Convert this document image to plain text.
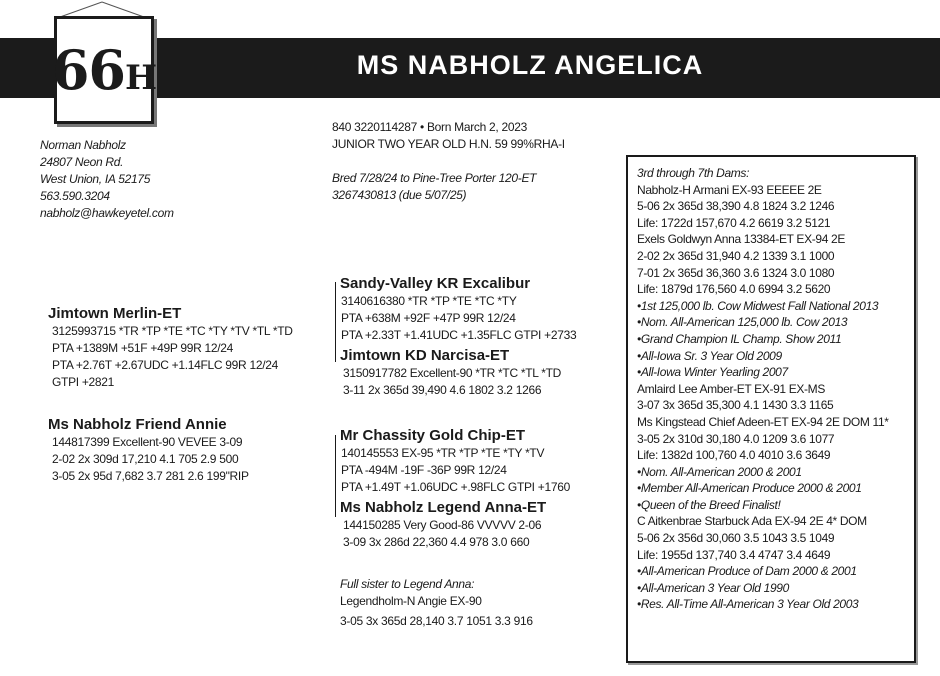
MS NABHOLZ ANGELICA
66H
Norman Nabholz
24807 Neon Rd.
West Union, IA 52175
563.590.3204
nabholz@hawkeyetel.com
840 3220114287 • Born March 2, 2023
JUNIOR TWO YEAR OLD H.N. 59 99%RHA-I
Bred 7/28/24 to Pine-Tree Porter 120-ET
3267430813 (due 5/07/25)
Jimtown Merlin-ET
3125993715 *TR *TP *TE *TC *TY *TV *TL *TD
PTA +1389M +51F +49P 99R 12/24
PTA +2.76T +2.67UDC +1.14FLC 99R 12/24
GTPI +2821
Ms Nabholz Friend Annie
144817399 Excellent-90 VEVEE 3-09
2-02 2x 309d 17,210 4.1 705 2.9 500
3-05 2x 95d 7,682 3.7 281 2.6 199"RIP
Sandy-Valley KR Excalibur
3140616380 *TR *TP *TE *TC *TY
PTA +638M +92F +47P 99R 12/24
PTA +2.33T +1.41UDC +1.35FLC GTPI +2733
Jimtown KD Narcisa-ET
3150917782 Excellent-90 *TR *TC *TL *TD
3-11 2x 365d 39,490 4.6 1802 3.2 1266
Mr Chassity Gold Chip-ET
140145553 EX-95 *TR *TP *TE *TY *TV
PTA -494M -19F -36P 99R 12/24
PTA +1.49T +1.06UDC +.98FLC GTPI +1760
Ms Nabholz Legend Anna-ET
144150285 Very Good-86 VVVVV 2-06
3-09 3x 286d 22,360 4.4 978 3.0 660
Full sister to Legend Anna:
Legendholm-N Angie EX-90
3-05 3x 365d 28,140 3.7 1051 3.3 916
3rd through 7th Dams:
Nabholz-H Armani EX-93 EEEEE 2E
5-06 2x 365d 38,390 4.8 1824 3.2 1246
Life: 1722d 157,670 4.2 6619 3.2 5121
Exels Goldwyn Anna 13384-ET EX-94 2E
2-02 2x 365d 31,940 4.2 1339 3.1 1000
7-01 2x 365d 36,360 3.6 1324 3.0 1080
Life: 1879d 176,560 4.0 6994 3.2 5620
•1st 125,000 lb. Cow Midwest Fall National 2013
•Nom. All-American 125,000 lb. Cow 2013
•Grand Champion IL Champ. Show 2011
•All-Iowa Sr. 3 Year Old 2009
•All-Iowa Winter Yearling 2007
Amlaird Lee Amber-ET EX-91 EX-MS
3-07 3x 365d 35,300 4.1 1430 3.3 1165
Ms Kingstead Chief Adeen-ET EX-94 2E DOM 11*
3-05 2x 310d 30,180 4.0 1209 3.6 1077
Life: 1382d 100,760 4.0 4010 3.6 3649
•Nom. All-American 2000 & 2001
•Member All-American Produce 2000 & 2001
•Queen of the Breed Finalist!
C Aitkenbrae Starbuck Ada EX-94 2E 4* DOM
5-06 2x 356d 30,060 3.5 1043 3.5 1049
Life: 1955d 137,740 3.4 4747 3.4 4649
•All-American Produce of Dam 2000 & 2001
•All-American 3 Year Old 1990
•Res. All-Time All-American 3 Year Old 2003
